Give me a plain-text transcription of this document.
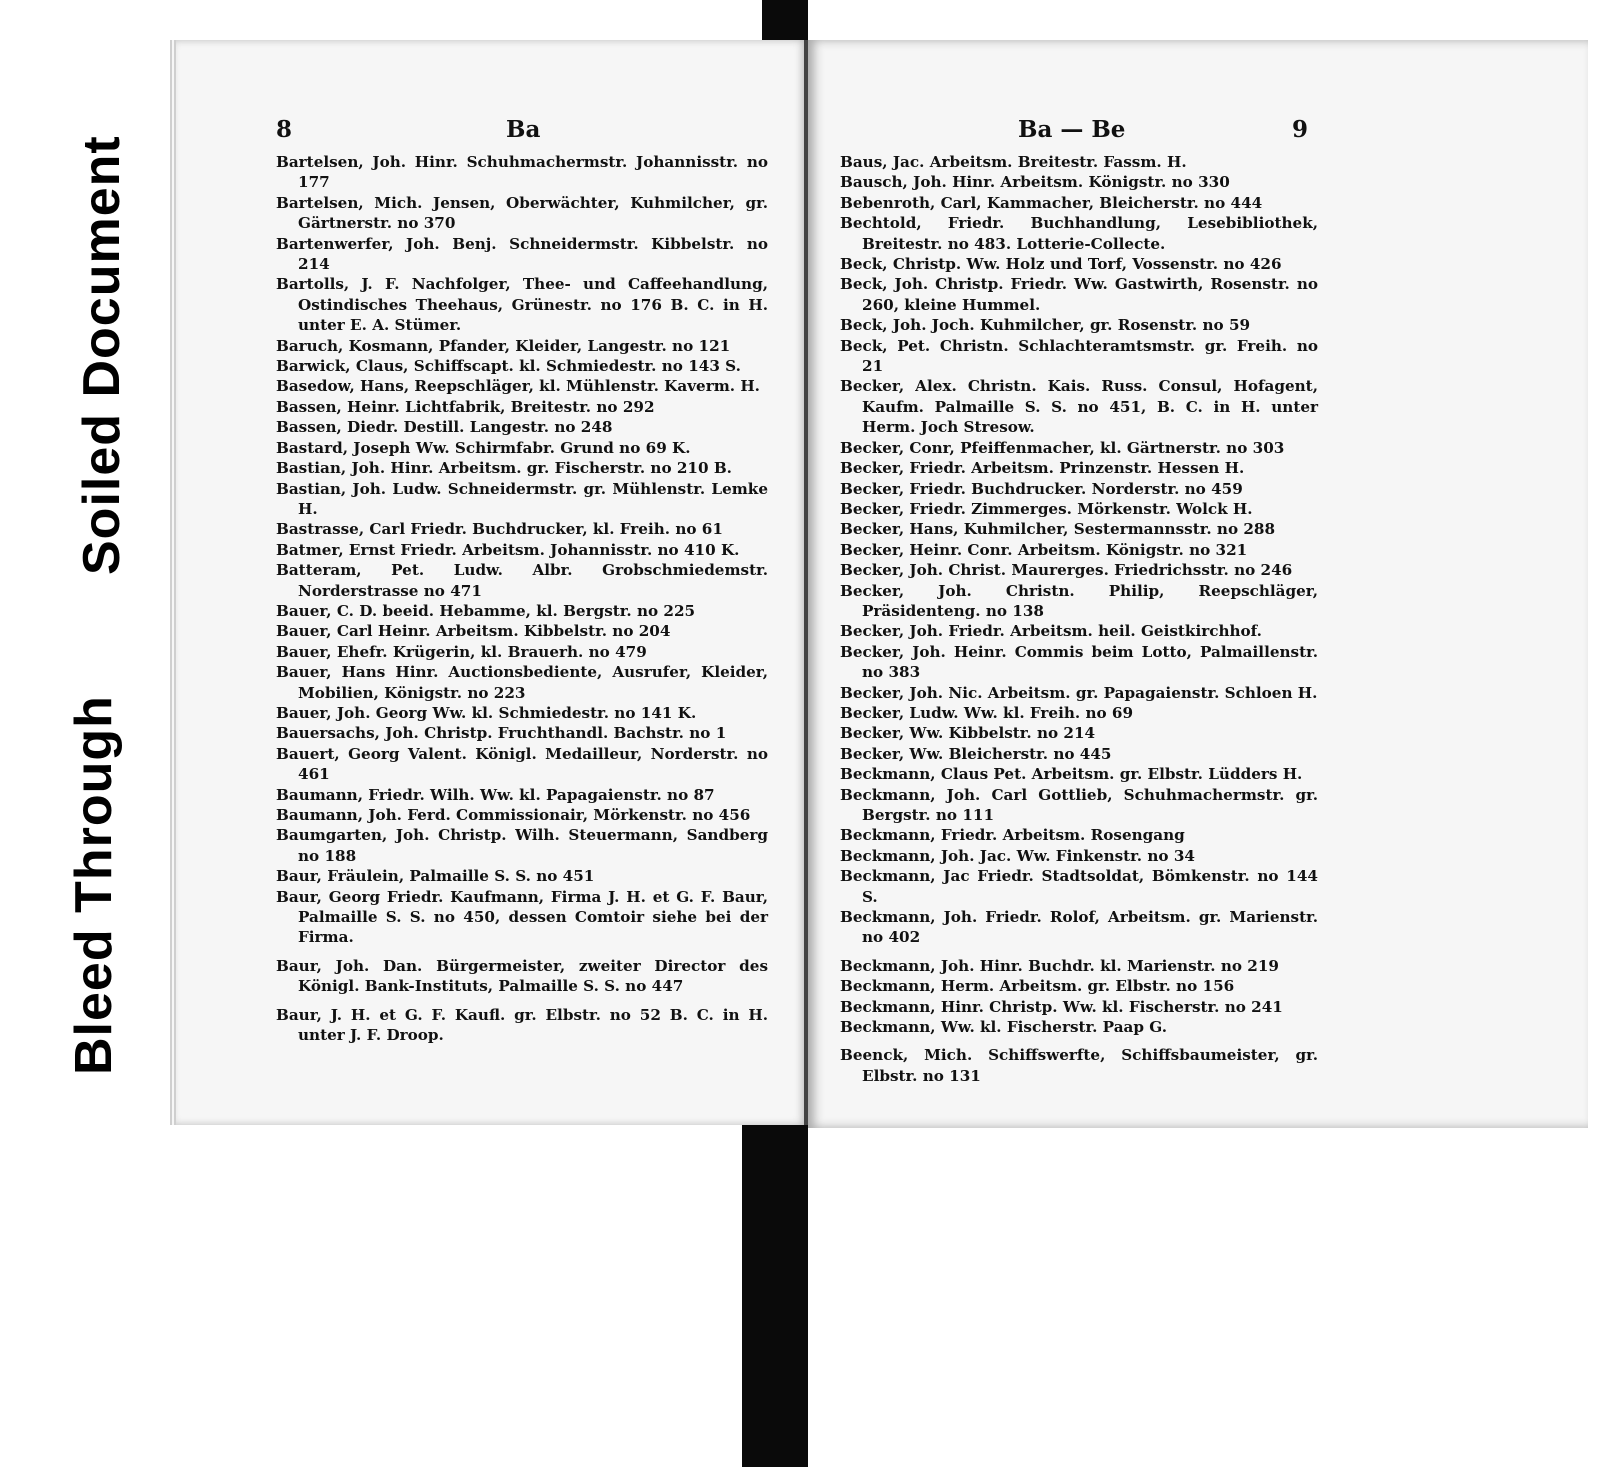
Soiled Document
Bleed Through
8	Ba

Bartelsen, Joh. Hinr. Schuhmachermstr. Johannisstr. no 177

Bartelsen, Mich. Jensen, Oberwächter, Kuhmilcher, gr. Gärtnerstr. no 370

Bartenwerfer, Joh. Benj. Schneidermstr. Kibbelstr. no 214

Bartolls, J. F. Nachfolger, Thee- und Caffeehandlung, Ostindisches Theehaus, Grünestr. no 176 B. C. in H. unter E. A. Stümer.

Baruch, Kosmann, Pfander, Kleider, Langestr. no 121

Barwick, Claus, Schiffscapt. kl. Schmiedestr. no 143 S.

Basedow, Hans, Reepschläger, kl. Mühlenstr. Kaverm. H.

Bassen, Heinr. Lichtfabrik, Breitestr. no 292

Bassen, Diedr. Destill. Langestr. no 248

Bastard, Joseph Ww. Schirmfabr. Grund no 69 K.

Bastian, Joh. Hinr. Arbeitsm. gr. Fischerstr. no 210 B.

Bastian, Joh. Ludw. Schneidermstr. gr. Mühlenstr. Lemke H.

Bastrasse, Carl Friedr. Buchdrucker, kl. Freih. no 61

Batmer, Ernst Friedr. Arbeitsm. Johannisstr. no 410 K.

Batteram, Pet. Ludw. Albr. Grobschmiedemstr. Norderstrasse no 471

Bauer, C. D. beeid. Hebamme, kl. Bergstr. no 225

Bauer, Carl Heinr. Arbeitsm. Kibbelstr. no 204

Bauer, Ehefr. Krügerin, kl. Brauerh. no 479

Bauer, Hans Hinr. Auctionsbediente, Ausrufer, Kleider, Mobilien, Königstr. no 223

Bauer, Joh. Georg Ww. kl. Schmiedestr. no 141 K.

Bauersachs, Joh. Christp. Fruchthandl. Bachstr. no 1

Bauert, Georg Valent. Königl. Medailleur, Norderstr. no 461

Baumann, Friedr. Wilh. Ww. kl. Papagaienstr. no 87

Baumann, Joh. Ferd. Commissionair, Mörkenstr. no 456

Baumgarten, Joh. Christp. Wilh. Steuermann, Sandberg no 188

Baur, Fräulein, Palmaille S. S. no 451

Baur, Georg Friedr. Kaufmann, Firma J. H. et G. F. Baur, Palmaille S. S. no 450, dessen Comtoir siehe bei der Firma.

Baur, Joh. Dan. Bürgermeister, zweiter Director des Königl. Bank-Instituts, Palmaille S. S. no 447

Baur, J. H. et G. F. Kaufl. gr. Elbstr. no 52 B. C. in H. unter J. F. Droop.

Ba — Be	9

Baus, Jac. Arbeitsm. Breitestr. Fassm. H.

Bausch, Joh. Hinr. Arbeitsm. Königstr. no 330

Bebenroth, Carl, Kammacher, Bleicherstr. no 444

Bechtold, Friedr. Buchhandlung, Lesebibliothek, Breitestr. no 483. Lotterie-Collecte.

Beck, Christp. Ww. Holz und Torf, Vossenstr. no 426

Beck, Joh. Christp. Friedr. Ww. Gastwirth, Rosenstr. no 260, kleine Hummel.

Beck, Joh. Joch. Kuhmilcher, gr. Rosenstr. no 59

Beck, Pet. Christn. Schlachteramtsmstr. gr. Freih. no 21

Becker, Alex. Christn. Kais. Russ. Consul, Hofagent, Kaufm. Palmaille S. S. no 451, B. C. in H. unter Herm. Joch Stresow.

Becker, Conr, Pfeiffenmacher, kl. Gärtnerstr. no 303

Becker, Friedr. Arbeitsm. Prinzenstr. Hessen H.

Becker, Friedr. Buchdrucker. Norderstr. no 459

Becker, Friedr. Zimmerges. Mörkenstr. Wolck H.

Becker, Hans, Kuhmilcher, Sestermannsstr. no 288

Becker, Heinr. Conr. Arbeitsm. Königstr. no 321

Becker, Joh. Christ. Maurerges. Friedrichsstr. no 246

Becker, Joh. Christn. Philip, Reepschläger, Präsidenteng. no 138

Becker, Joh. Friedr. Arbeitsm. heil. Geistkirchhof.

Becker, Joh. Heinr. Commis beim Lotto, Palmaillenstr. no 383

Becker, Joh. Nic. Arbeitsm. gr. Papagaienstr. Schloen H.

Becker, Ludw. Ww. kl. Freih. no 69

Becker, Ww. Kibbelstr. no 214

Becker, Ww. Bleicherstr. no 445

Beckmann, Claus Pet. Arbeitsm. gr. Elbstr. Lüdders H.

Beckmann, Joh. Carl Gottlieb, Schuhmachermstr. gr. Bergstr. no 111

Beckmann, Friedr. Arbeitsm. Rosengang

Beckmann, Joh. Jac. Ww. Finkenstr. no 34

Beckmann, Jac Friedr. Stadtsoldat, Bömkenstr. no 144 S.

Beckmann, Joh. Friedr. Rolof, Arbeitsm. gr. Marienstr. no 402

Beckmann, Joh. Hinr. Buchdr. kl. Marienstr. no 219

Beckmann, Herm. Arbeitsm. gr. Elbstr. no 156

Beckmann, Hinr. Christp. Ww. kl. Fischerstr. no 241

Beckmann, Ww. kl. Fischerstr. Paap G.

Beenck, Mich. Schiffswerfte, Schiffsbaumeister, gr. Elbstr. no 131
